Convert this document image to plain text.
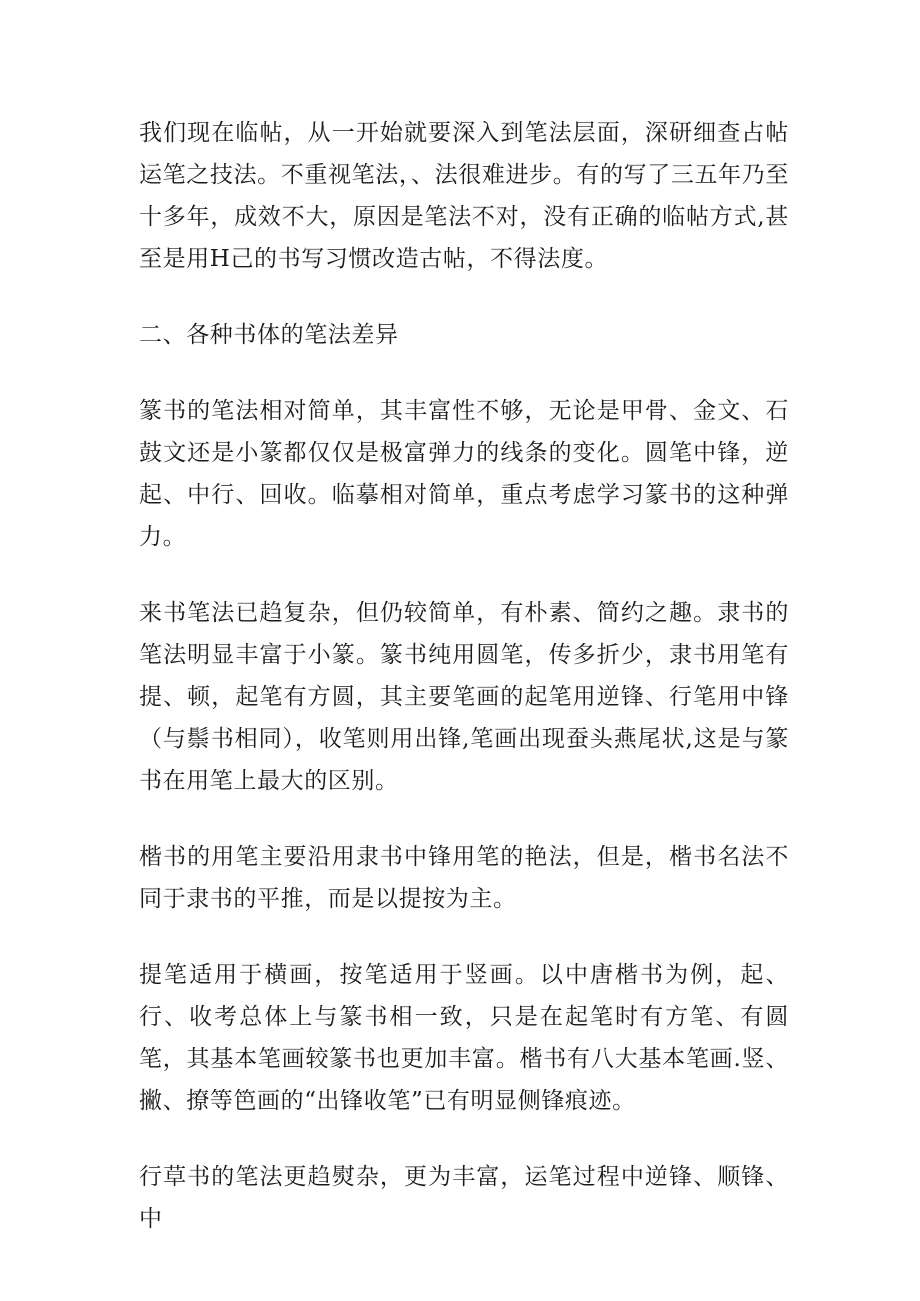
我们现在临帖，从一开始就要深入到笔法层面，深研细查占帖运笔之技法。不重视笔法，、法很难进步。有的写了三五年乃至十多年，成效不大，原因是笔法不对，没有正确的临帖方式,甚至是用H己的书写习惯改造古帖，不得法度。

二、各种书体的笔法差异

篆书的笔法相对简单，其丰富性不够，无论是甲骨、金文、石鼓文还是小篆都仅仅是极富弹力的线条的变化。圆笔中锋，逆起、中行、回收。临摹相对简单，重点考虑学习篆书的这种弹力。

来书笔法已趋复杂，但仍较简单，有朴素、简约之趣。隶书的笔法明显丰富于小篆。篆书纯用圆笔，传多折少，隶书用笔有提、顿，起笔有方圆，其主要笔画的起笔用逆锋、行笔用中锋（与鬃书相同），收笔则用出锋,笔画出现蚕头燕尾状,这是与篆书在用笔上最大的区别。

楷书的用笔主要沿用隶书中锋用笔的艳法，但是，楷书名法不同于隶书的平推，而是以提按为主。

提笔适用于横画，按笔适用于竖画。以中唐楷书为例，起、行、收考总体上与篆书相一致，只是在起笔时有方笔、有圆笔，其基本笔画较篆书也更加丰富。楷书有八大基本笔画.竖、撇、撩等笆画的“出锋收笔”已有明显侧锋痕迹。

行草书的笔法更趋熨杂，更为丰富，运笔过程中逆锋、顺锋、中
